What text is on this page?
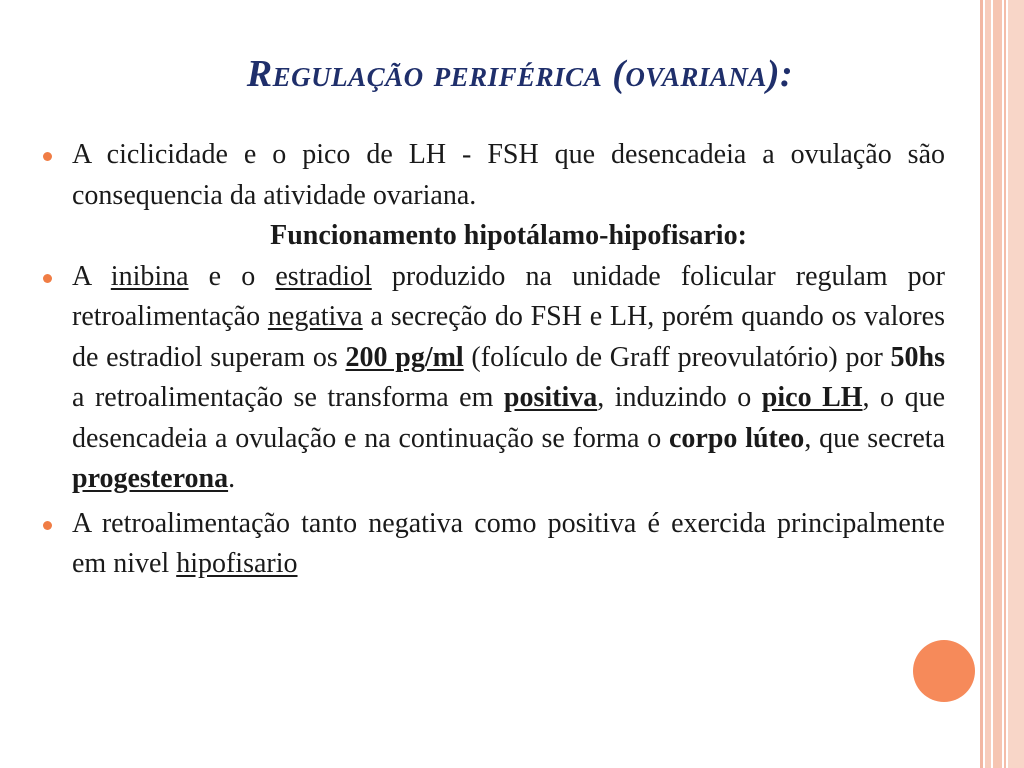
Regulação periférica (ovariana):
A ciclicidade e o pico de LH - FSH que desencadeia a ovulação são consequencia da atividade ovariana.
Funcionamento hipotálamo-hipofisario:
A inibina e o estradiol produzido na unidade folicular regulam por retroalimentação negativa a secreção do FSH e LH, porém quando os valores de estradiol superam os 200 pg/ml (folículo de Graff preovulatório) por 50hs a retroalimentação se transforma em positiva, induzindo o pico LH, o que desencadeia a ovulação e na continuação se forma o corpo lúteo, que secreta progesterona.
A retroalimentação tanto negativa como positiva é exercida principalmente em nivel hipofisario
